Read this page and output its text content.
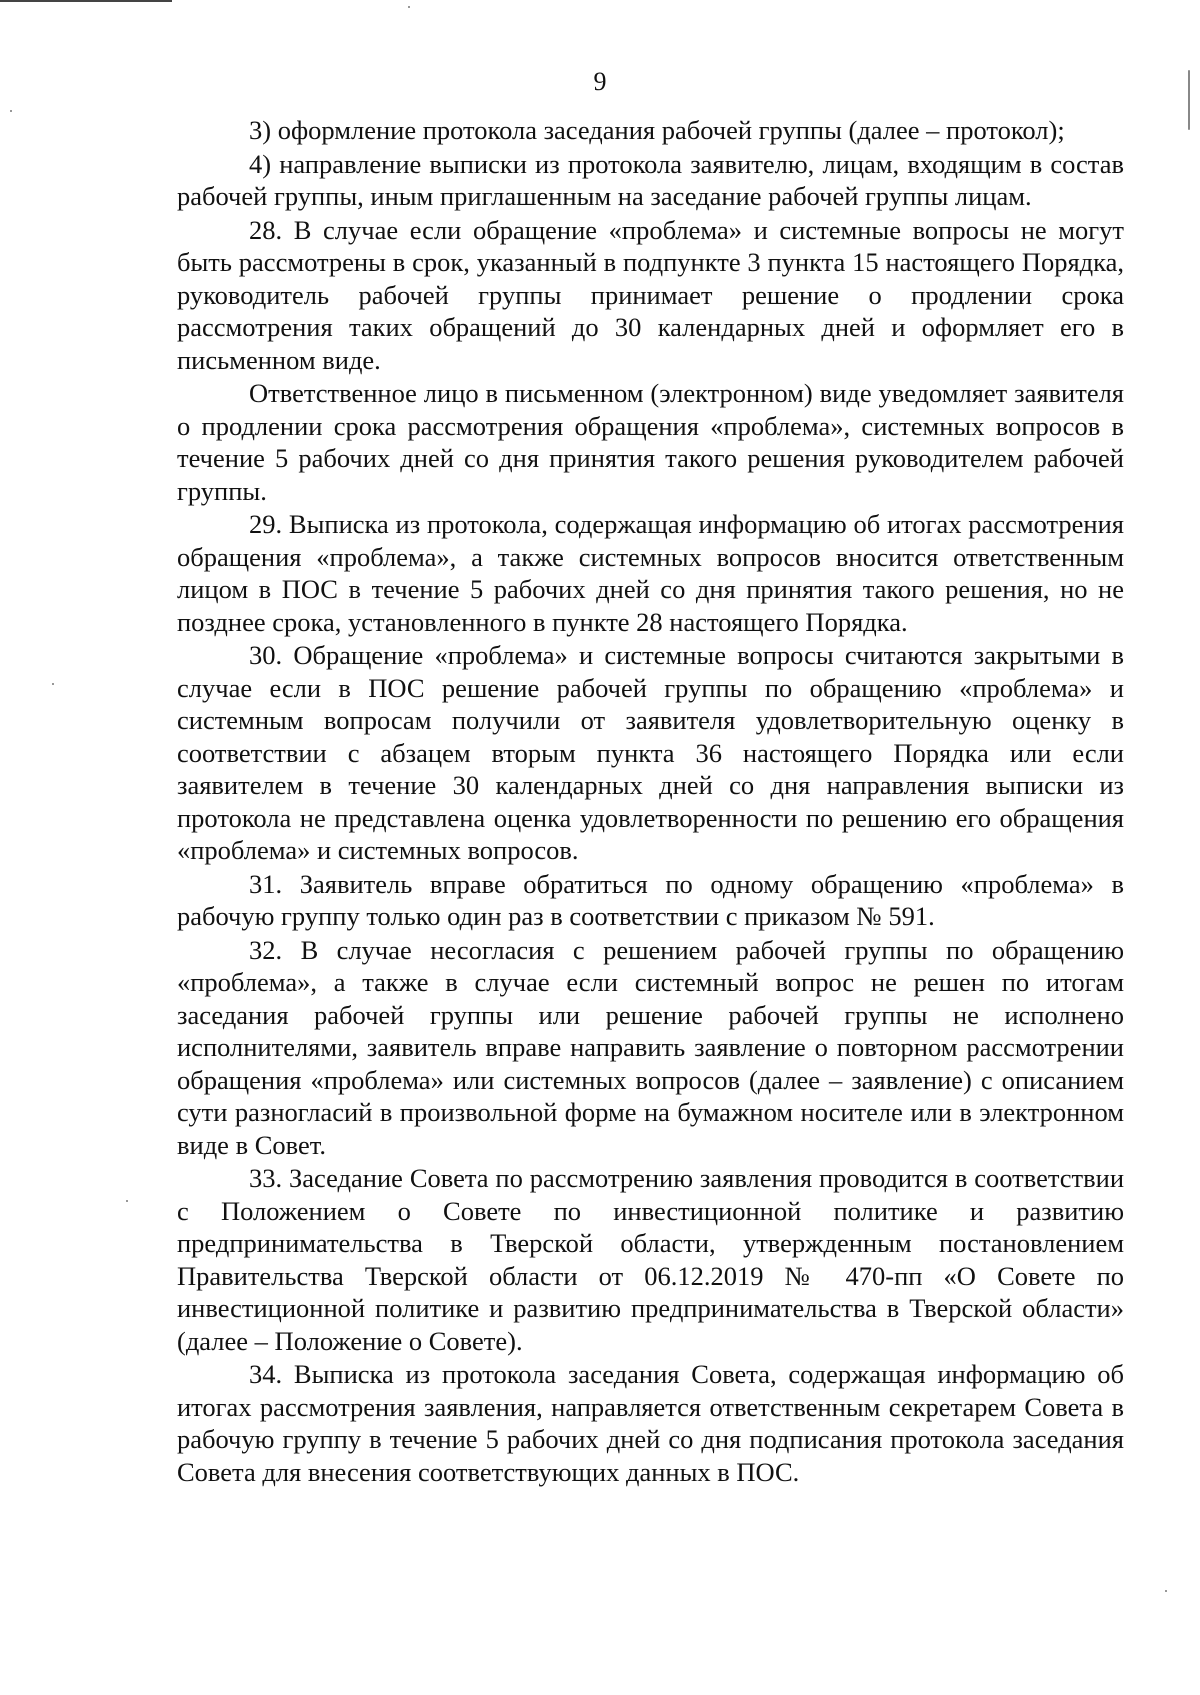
9

3) оформление протокола заседания рабочей группы (далее – протокол);

4) направление выписки из протокола заявителю, лицам, входящим в состав рабочей группы, иным приглашенным на заседание рабочей группы лицам.

28. В случае если обращение «проблема» и системные вопросы не могут быть рассмотрены в срок, указанный в подпункте 3 пункта 15 настоящего Порядка, руководитель рабочей группы принимает решение о продлении срока рассмотрения таких обращений до 30 календарных дней и оформляет его в письменном виде.

Ответственное лицо в письменном (электронном) виде уведомляет заявителя о продлении срока рассмотрения обращения «проблема», системных вопросов в течение 5 рабочих дней со дня принятия такого решения руководителем рабочей группы.

29. Выписка из протокола, содержащая информацию об итогах рассмотрения обращения «проблема», а также системных вопросов вносится ответственным лицом в ПОС в течение 5 рабочих дней со дня принятия такого решения, но не позднее срока, установленного в пункте 28 настоящего Порядка.

30. Обращение «проблема» и системные вопросы считаются закрытыми в случае если в ПОС решение рабочей группы по обращению «проблема» и системным вопросам получили от заявителя удовлетворительную оценку в соответствии с абзацем вторым пункта 36 настоящего Порядка или если заявителем в течение 30 календарных дней со дня направления выписки из протокола не представлена оценка удовлетворенности по решению его обращения «проблема» и системных вопросов.

31. Заявитель вправе обратиться по одному обращению «проблема» в рабочую группу только один раз в соответствии с приказом № 591.

32. В случае несогласия с решением рабочей группы по обращению «проблема», а также в случае если системный вопрос не решен по итогам заседания рабочей группы или решение рабочей группы не исполнено исполнителями, заявитель вправе направить заявление о повторном рассмотрении обращения «проблема» или системных вопросов (далее – заявление) с описанием сути разногласий в произвольной форме на бумажном носителе или в электронном виде в Совет.

33. Заседание Совета по рассмотрению заявления проводится в соответствии с Положением о Совете по инвестиционной политике и развитию предпринимательства в Тверской области, утвержденным постановлением Правительства Тверской области от 06.12.2019 № 470-пп «О Совете по инвестиционной политике и развитию предпринимательства в Тверской области» (далее – Положение о Совете).

34. Выписка из протокола заседания Совета, содержащая информацию об итогах рассмотрения заявления, направляется ответственным секретарем Совета в рабочую группу в течение 5 рабочих дней со дня подписания протокола заседания Совета для внесения соответствующих данных в ПОС.
